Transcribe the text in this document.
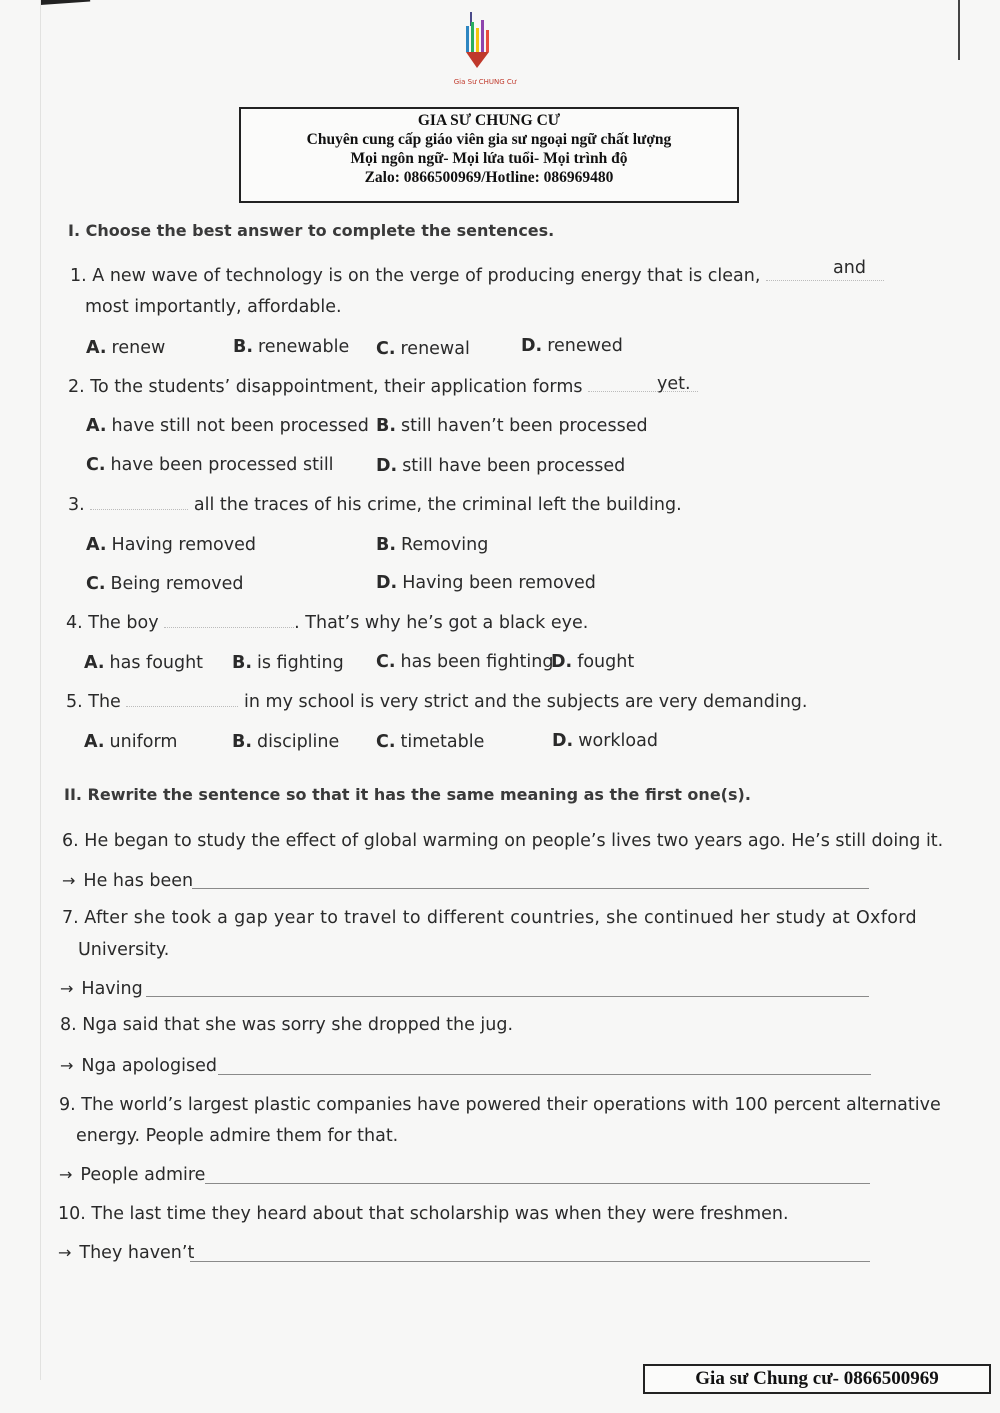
Gia Sư CHUNG Cư
GIA SƯ CHUNG CƯ
Chuyên cung cấp giáo viên gia sư ngoại ngữ chất lượng
Mọi ngôn ngữ- Mọi lứa tuổi- Mọi trình độ
Zalo: 0866500969/Hotline: 086969480
I. Choose the best answer to complete the sentences.
1. A new wave of technology is on the verge of producing energy that is clean,	and
most importantly, affordable.
A. renew	B. renewable C. renewal	D. renewed
2. To the students’ disappointment, their application forms	yet.
A. have still not been processed B. still haven’t been processed
C. have been processed still D. still have been processed
3.	all the traces of his crime, the criminal left the building.
A. Having removed	B. Removing
C. Being removed	D. Having been removed
4. The boy	. That’s why he’s got a black eye.
A. has fought B. is fighting C. has been fighting
D. fought
5. The	in my school is very strict and the subjects are very demanding.
A. uniform	B. discipline C. timetable	D. workload
II. Rewrite the sentence so that it has the same meaning as the first one(s).
6. He began to study the effect of global warming on people’s lives two years ago. He’s still doing it.
→ He has been
7. After she took a gap year to travel to different countries, she continued her study at Oxford
University.
→ Having
8. Nga said that she was sorry she dropped the jug.
→ Nga apologised
9. The world’s largest plastic companies have powered their operations with 100 percent alternative
energy. People admire them for that.
→ People admire
10. The last time they heard about that scholarship was when they were freshmen.
→ They haven’t
Gia sư Chung cư- 0866500969
